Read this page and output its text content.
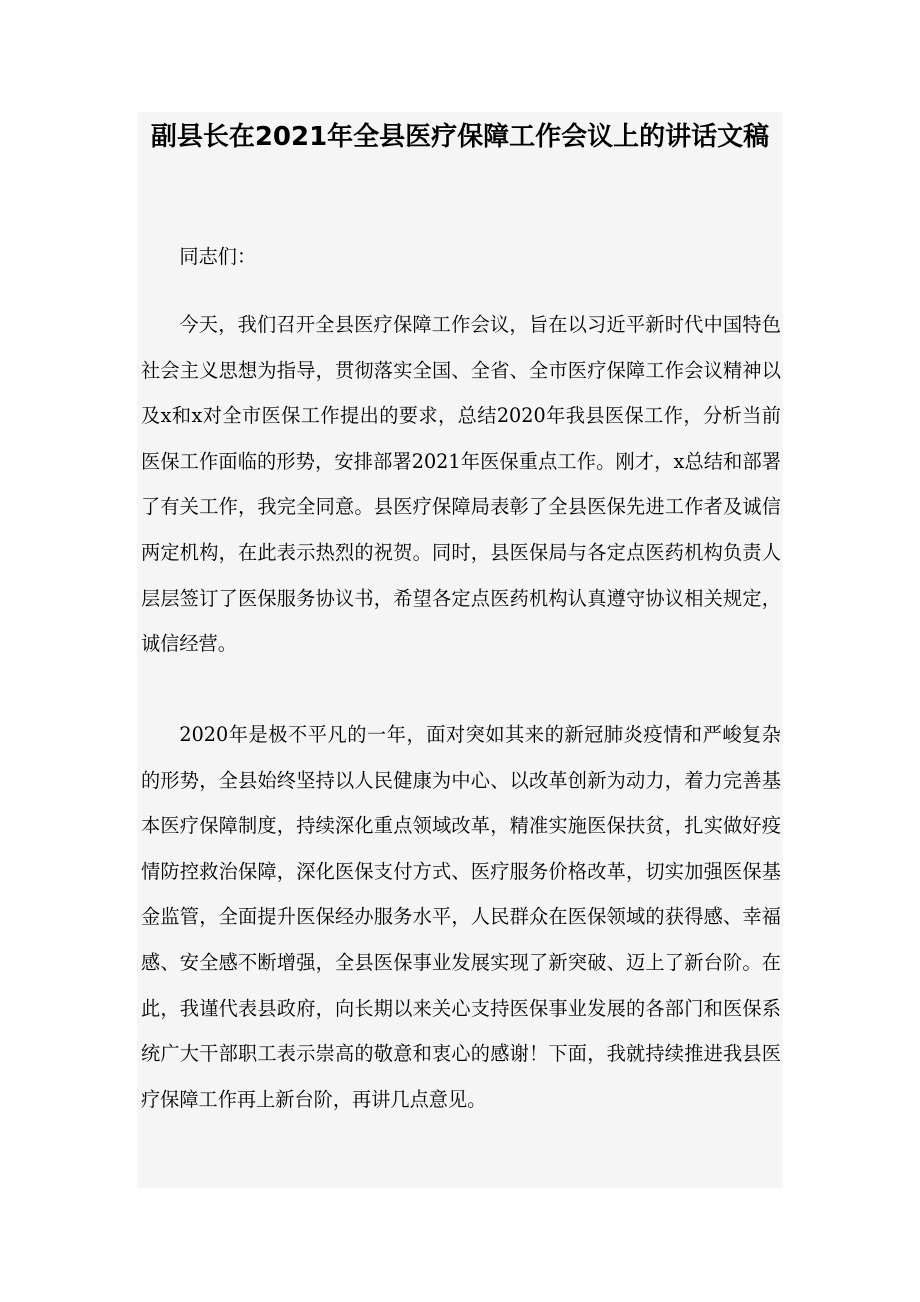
副县长在2021年全县医疗保障工作会议上的讲话文稿

同志们：

今天，我们召开全县医疗保障工作会议，旨在以习近平新时代中国特色社会主义思想为指导，贯彻落实全国、全省、全市医疗保障工作会议精神以及x和x对全市医保工作提出的要求，总结2020年我县医保工作，分析当前医保工作面临的形势，安排部署2021年医保重点工作。刚才，x总结和部署了有关工作，我完全同意。县医疗保障局表彰了全县医保先进工作者及诚信两定机构，在此表示热烈的祝贺。同时，县医保局与各定点医药机构负责人层层签订了医保服务协议书，希望各定点医药机构认真遵守协议相关规定，诚信经营。

2020年是极不平凡的一年，面对突如其来的新冠肺炎疫情和严峻复杂的形势，全县始终坚持以人民健康为中心、以改革创新为动力，着力完善基本医疗保障制度，持续深化重点领域改革，精准实施医保扶贫，扎实做好疫情防控救治保障，深化医保支付方式、医疗服务价格改革，切实加强医保基金监管，全面提升医保经办服务水平，人民群众在医保领域的获得感、幸福感、安全感不断增强，全县医保事业发展实现了新突破、迈上了新台阶。在此，我谨代表县政府，向长期以来关心支持医保事业发展的各部门和医保系统广大干部职工表示崇高的敬意和衷心的感谢！下面，我就持续推进我县医疗保障工作再上新台阶，再讲几点意见。
